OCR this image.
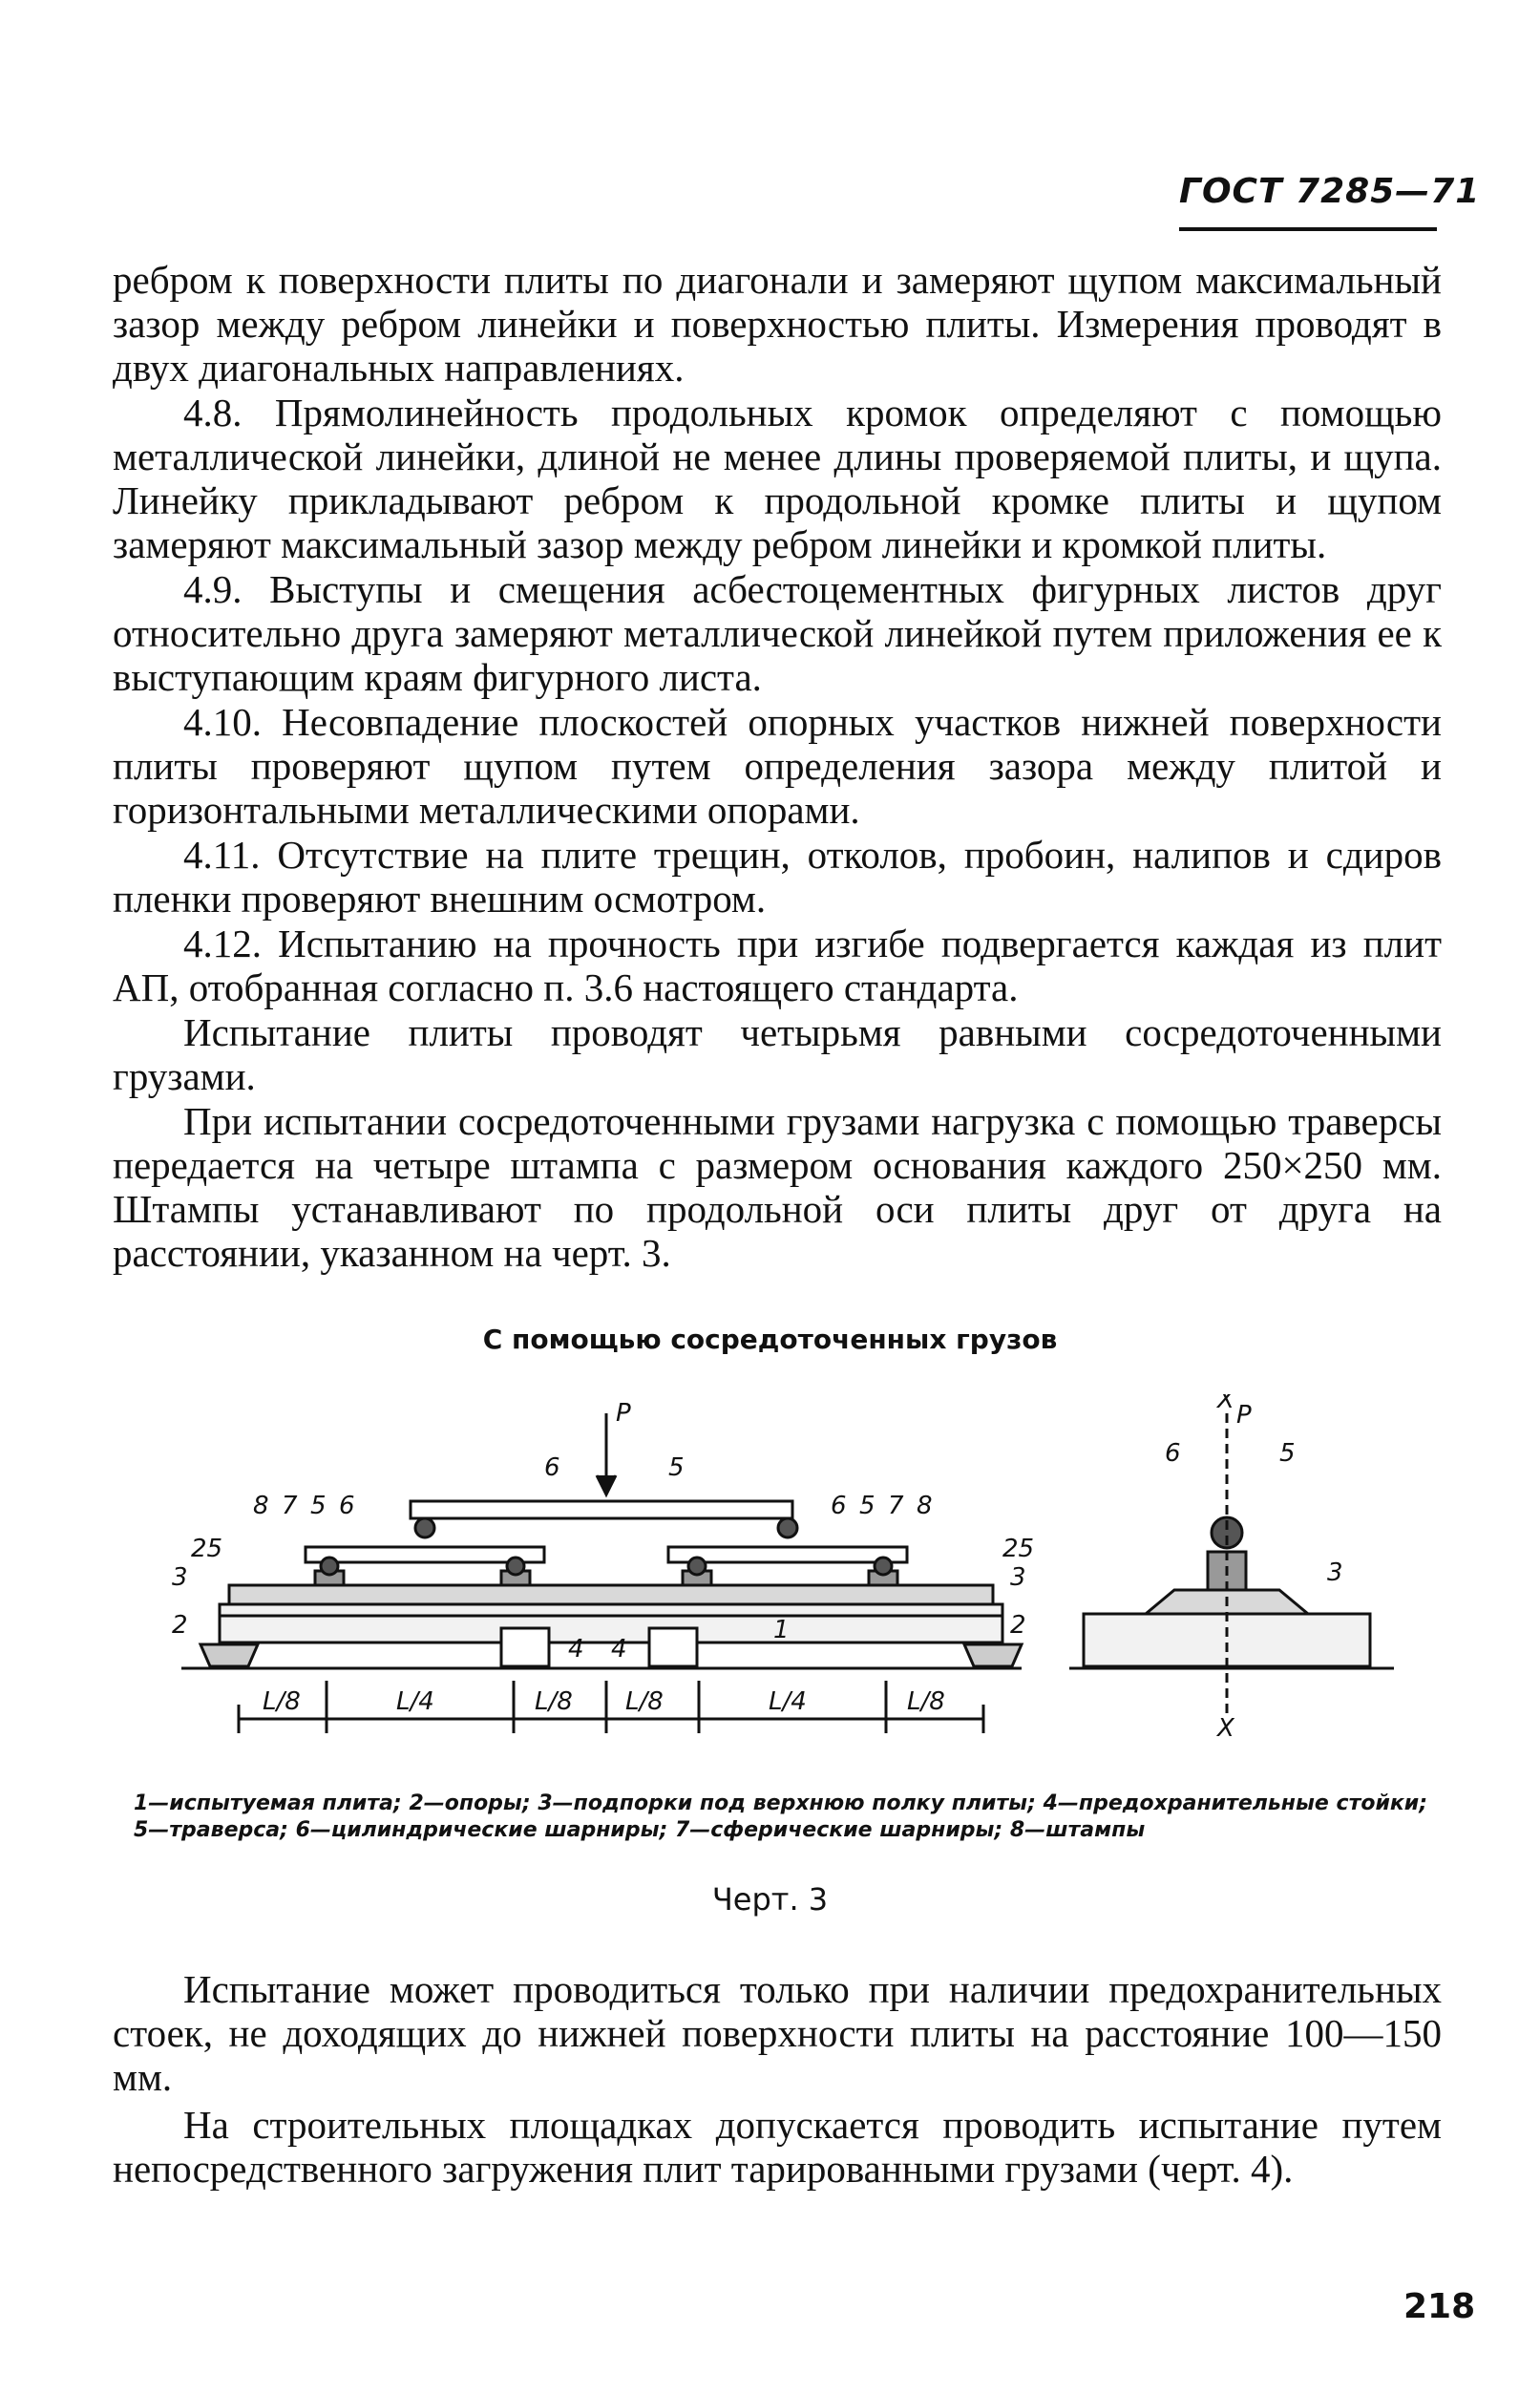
ГОСТ 7285—71

ребром к поверхности плиты по диагонали и замеряют щупом максимальный зазор между ребром линейки и поверхностью плиты. Измерения проводят в двух диагональных направлениях.

4.8. Прямолинейность продольных кромок определяют с помощью металлической линейки, длиной не менее длины проверяемой плиты, и щупа. Линейку прикладывают ребром к продольной кромке плиты и щупом замеряют максимальный зазор между ребром линейки и кромкой плиты.

4.9. Выступы и смещения асбестоцементных фигурных листов друг относительно друга замеряют металлической линейкой путем приложения ее к выступающим краям фигурного листа.

4.10. Несовпадение плоскостей опорных участков нижней поверхности плиты проверяют щупом путем определения зазора между плитой и горизонтальными металлическими опорами.

4.11. Отсутствие на плите трещин, отколов, пробоин, налипов и сдиров пленки проверяют внешним осмотром.

4.12. Испытанию на прочность при изгибе подвергается каждая из плит АП, отобранная согласно п. 3.6 настоящего стандарта.

Испытание плиты проводят четырьмя равными сосредоточенными грузами.

При испытании сосредоточенными грузами нагрузка с помощью траверсы передается на четыре штампа с размером основания каждого 250×250 мм. Штампы устанавливают по продольной оси плиты друг от друга на расстоянии, указанном на черт. 3.

С помощью сосредоточенных грузов
P	X
X
P
25	25
8 7 5 6
6	5
6 5 7 8
3	3
2	2
1
4 4
6	5
3
L/8	L/4	L/8 L/8	L/4	L/8
1—испытуемая плита; 2—опоры; 3—подпорки под верхнюю полку плиты; 4—предохранительные стойки; 5—траверса; 6—цилиндрические шарниры; 7—сферические шарниры; 8—штампы
Черт. 3

Испытание может проводиться только при наличии предохранительных стоек, не доходящих до нижней поверхности плиты на расстояние 100—150 мм.

На строительных площадках допускается проводить испытание путем непосредственного загружения плит тарированными грузами (черт. 4).

218
